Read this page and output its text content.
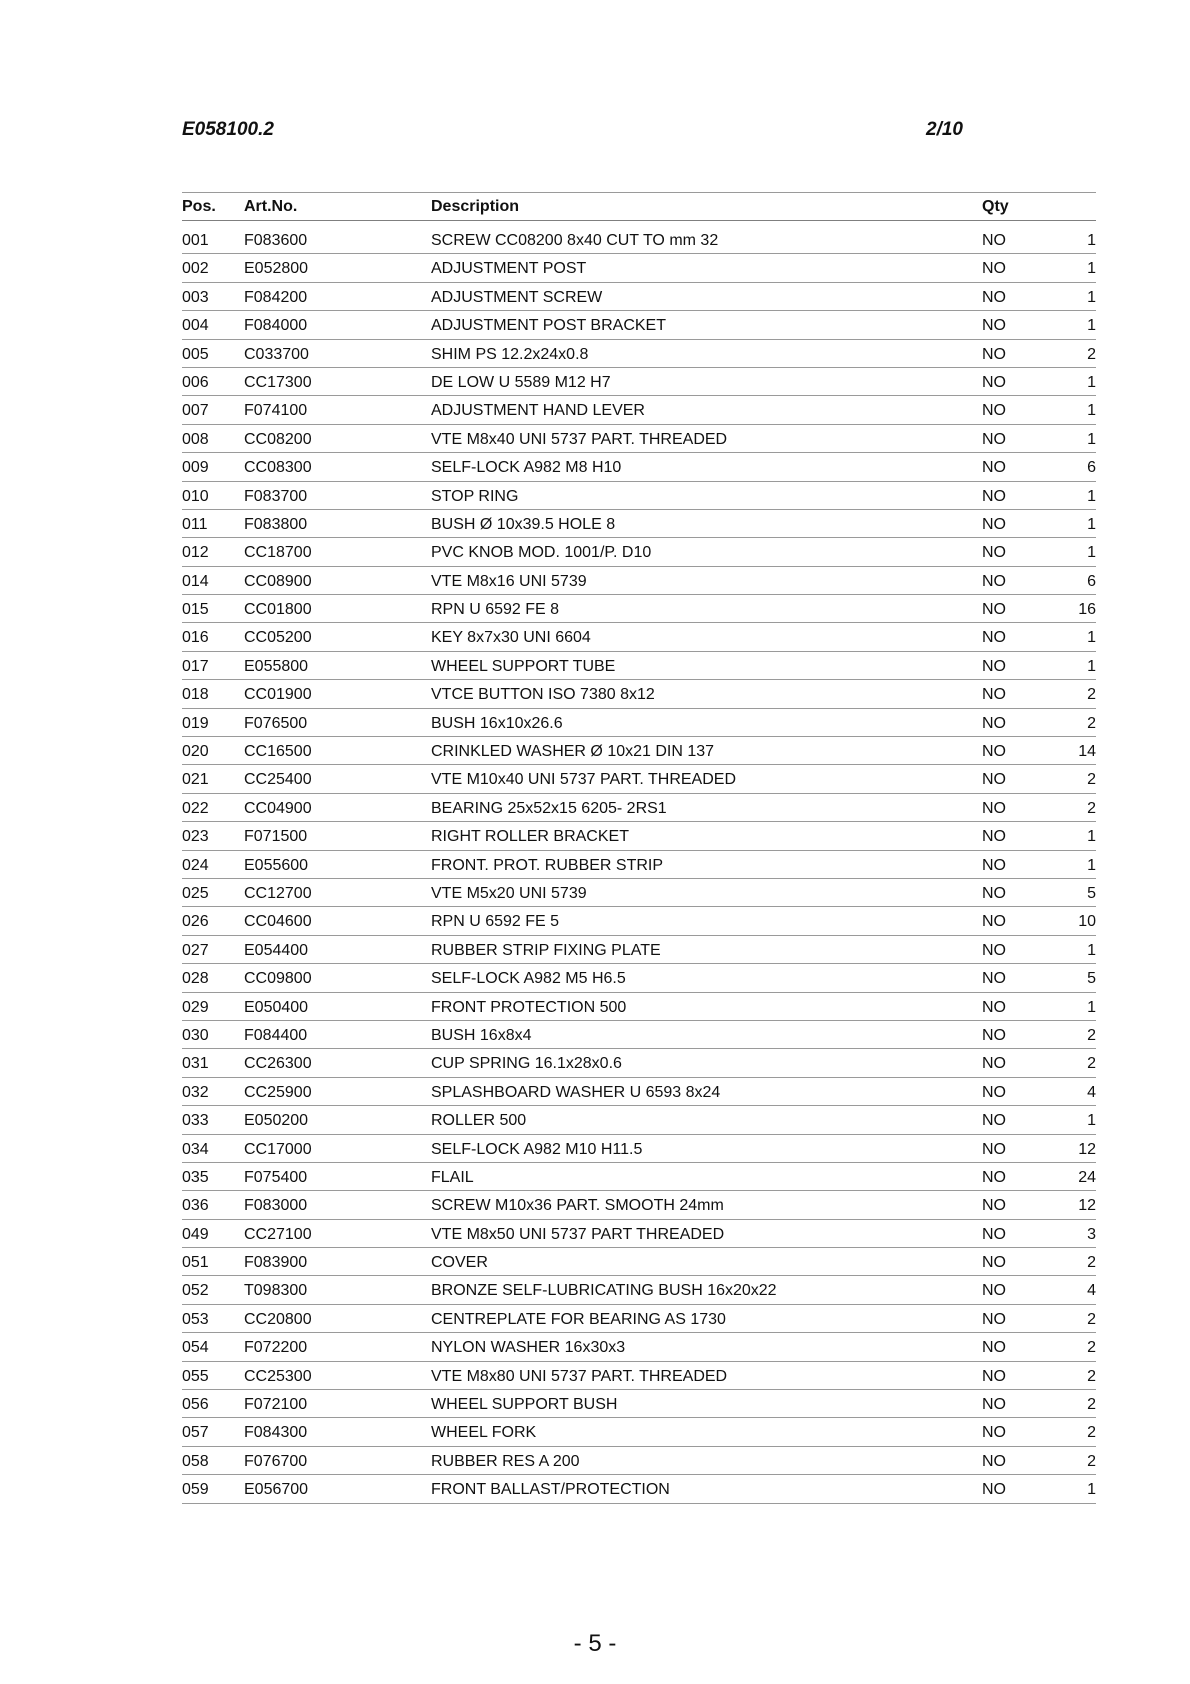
E058100.2	2/10
Pos. Art.No.	Description	Qty
001 F083600	SCREW CC08200 8x40 CUT TO mm 32	NO	1
002 E052800	ADJUSTMENT POST	NO	1
003 F084200	ADJUSTMENT SCREW	NO	1
004 F084000	ADJUSTMENT POST BRACKET	NO	1
005 C033700	SHIM PS 12.2x24x0.8	NO	2
006 CC17300	DE LOW U 5589 M12 H7	NO	1
007 F074100	ADJUSTMENT HAND LEVER	NO	1
008 CC08200	VTE M8x40 UNI 5737 PART. THREADED	NO	1
009 CC08300	SELF-LOCK A982 M8 H10	NO	6
010 F083700	STOP RING	NO	1
011 F083800	BUSH Ø 10x39.5 HOLE 8	NO	1
012 CC18700	PVC KNOB MOD. 1001/P. D10	NO	1
014 CC08900	VTE M8x16 UNI 5739	NO	6
015 CC01800	RPN U 6592 FE 8	NO	16
016 CC05200	KEY 8x7x30 UNI 6604	NO	1
017 E055800	WHEEL SUPPORT TUBE	NO	1
018 CC01900	VTCE BUTTON ISO 7380 8x12	NO	2
019 F076500	BUSH 16x10x26.6	NO	2
020 CC16500	CRINKLED WASHER Ø 10x21 DIN 137	NO	14
021 CC25400	VTE M10x40 UNI 5737 PART. THREADED	NO	2
022 CC04900	BEARING 25x52x15 6205- 2RS1	NO	2
023 F071500	RIGHT ROLLER BRACKET	NO	1
024 E055600	FRONT. PROT. RUBBER STRIP	NO	1
025 CC12700	VTE M5x20 UNI 5739	NO	5
026 CC04600	RPN U 6592 FE 5	NO	10
027 E054400	RUBBER STRIP FIXING PLATE	NO	1
028 CC09800	SELF-LOCK A982 M5 H6.5	NO	5
029 E050400	FRONT PROTECTION 500	NO	1
030 F084400	BUSH 16x8x4	NO	2
031 CC26300	CUP SPRING 16.1x28x0.6	NO	2
032 CC25900	SPLASHBOARD WASHER U 6593 8x24	NO	4
033 E050200	ROLLER 500	NO	1
034 CC17000	SELF-LOCK A982 M10 H11.5	NO	12
035 F075400	FLAIL	NO	24
036 F083000	SCREW M10x36 PART. SMOOTH 24mm	NO	12
049 CC27100	VTE M8x50 UNI 5737 PART THREADED	NO	3
051 F083900	COVER	NO	2
052 T098300	BRONZE SELF-LUBRICATING BUSH 16x20x22	NO	4
053 CC20800	CENTREPLATE FOR BEARING AS 1730	NO	2
054 F072200	NYLON WASHER 16x30x3	NO	2
055 CC25300	VTE M8x80 UNI 5737 PART. THREADED	NO	2
056 F072100	WHEEL SUPPORT BUSH	NO	2
057 F084300	WHEEL FORK	NO	2
058 F076700	RUBBER RES A 200	NO	2
059 E056700	FRONT BALLAST/PROTECTION	NO	1
- 5 -
